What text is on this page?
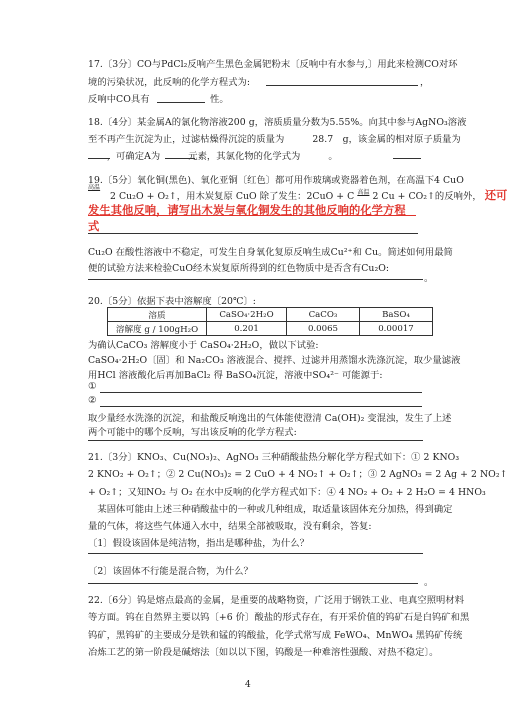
17.〔3分〕CO与PdCl₂反响产生黑色金属钯粉末〔反响中有水参与,〕用此来检测CO对环
境的污染状况，此反响的化学方程式为:	，
反响中CO具有	性。
18.〔4分〕某金属A的氯化物溶液200 g，溶质质量分数为5.55%。向其中参与AgNO₃溶液
至不再产生沉淀为止，过滤枯燥得沉淀的质量为　　　28.7　g，该金属的相对原子质量为
　　，可确定A为　　　元素，其氯化物的化学式为　　　。
19.〔5分〕氧化铜(黑色)、氧化亚铜〔红色〕都可用作玻璃或瓷器着色剂，在高温下4 CuO
高温
2 Cu₂O + O₂↑，用木炭复原 CuO 除了发生：2CuO + C $^{高温}$ 2 Cu + CO₂↑的反响外， 还可
发生其他反响，请写出木炭与氧化铜发生的其他反响的化学方程
式
Cu₂O 在酸性溶液中不稳定，可发生自身氧化复原反响生成Cu²⁺和 Cu。简述如何用最简
便的试验方法来检验CuO经木炭复原所得到的红色物质中是否含有Cu₂O:
。
20.〔5分〕依据下表中溶解度〔20℃〕:
溶质	CaSO₄·2H₂O	CaCO₃	BaSO₄
溶解度 g / 100gH₂O	0.201	0.0065	0.00017
为确认CaCO₃ 溶解度小于 CaSO₄·2H₂O，做以下试验:
CaSO₄·2H₂O〔固〕和 Na₂CO₃ 溶液混合、搅拌、过滤并用蒸馏水洗涤沉淀，取少量滤液
用HCl 溶液酸化后再加BaCl₂ 得 BaSO₄沉淀，溶液中SO₄²⁻ 可能源于:
①
②
取少量经水洗涤的沉淀，和盐酸反响逸出的气体能使澄清 Ca(OH)₂ 变混浊，发生了上述
两个可能中的哪个反响，写出该反响的化学方程式:
21.〔3分〕KNO₃、Cu(NO₃)₂、AgNO₃ 三种硝酸盐热分解化学方程式如下：① 2 KNO₃
2 KNO₂ + O₂↑；② 2 Cu(NO₃)₂ = 2 CuO + 4 NO₂↑ + O₂↑；③ 2 AgNO₃ = 2 Ag + 2 NO₂↑
+ O₂↑；又知NO₂ 与 O₂ 在水中反响的化学方程式如下：④ 4 NO₂ + O₂ + 2 H₂O = 4 HNO₃
　某固体可能由上述三种硝酸盐中的一种或几种组成，取适量该固体充分加热，得到确定
量的气体，将这些气体通入水中，结果全部被吸取，没有剩余，答复:
〔1〕假设该固体是纯洁物，指出是哪种盐，为什么？
〔2〕该固体不行能是混合物，为什么？
。
22.〔6分〕钨是熔点最高的金属，是重要的战略物资，广泛用于钢铁工业、电真空照明材料
等方面。钨在自然界主要以钨〔+6 价〕酸盐的形式存在，有开采价值的钨矿石是白钨矿和黑
钨矿，黑钨矿的主要成分是铁和锰的钨酸盐，化学式常写成 FeWO₄、MnWO₄ 黑钨矿传统
冶炼工艺的第一阶段是碱熔法〔如以以下图，钨酸是一种难溶性强酸、对热不稳定〕。
4
